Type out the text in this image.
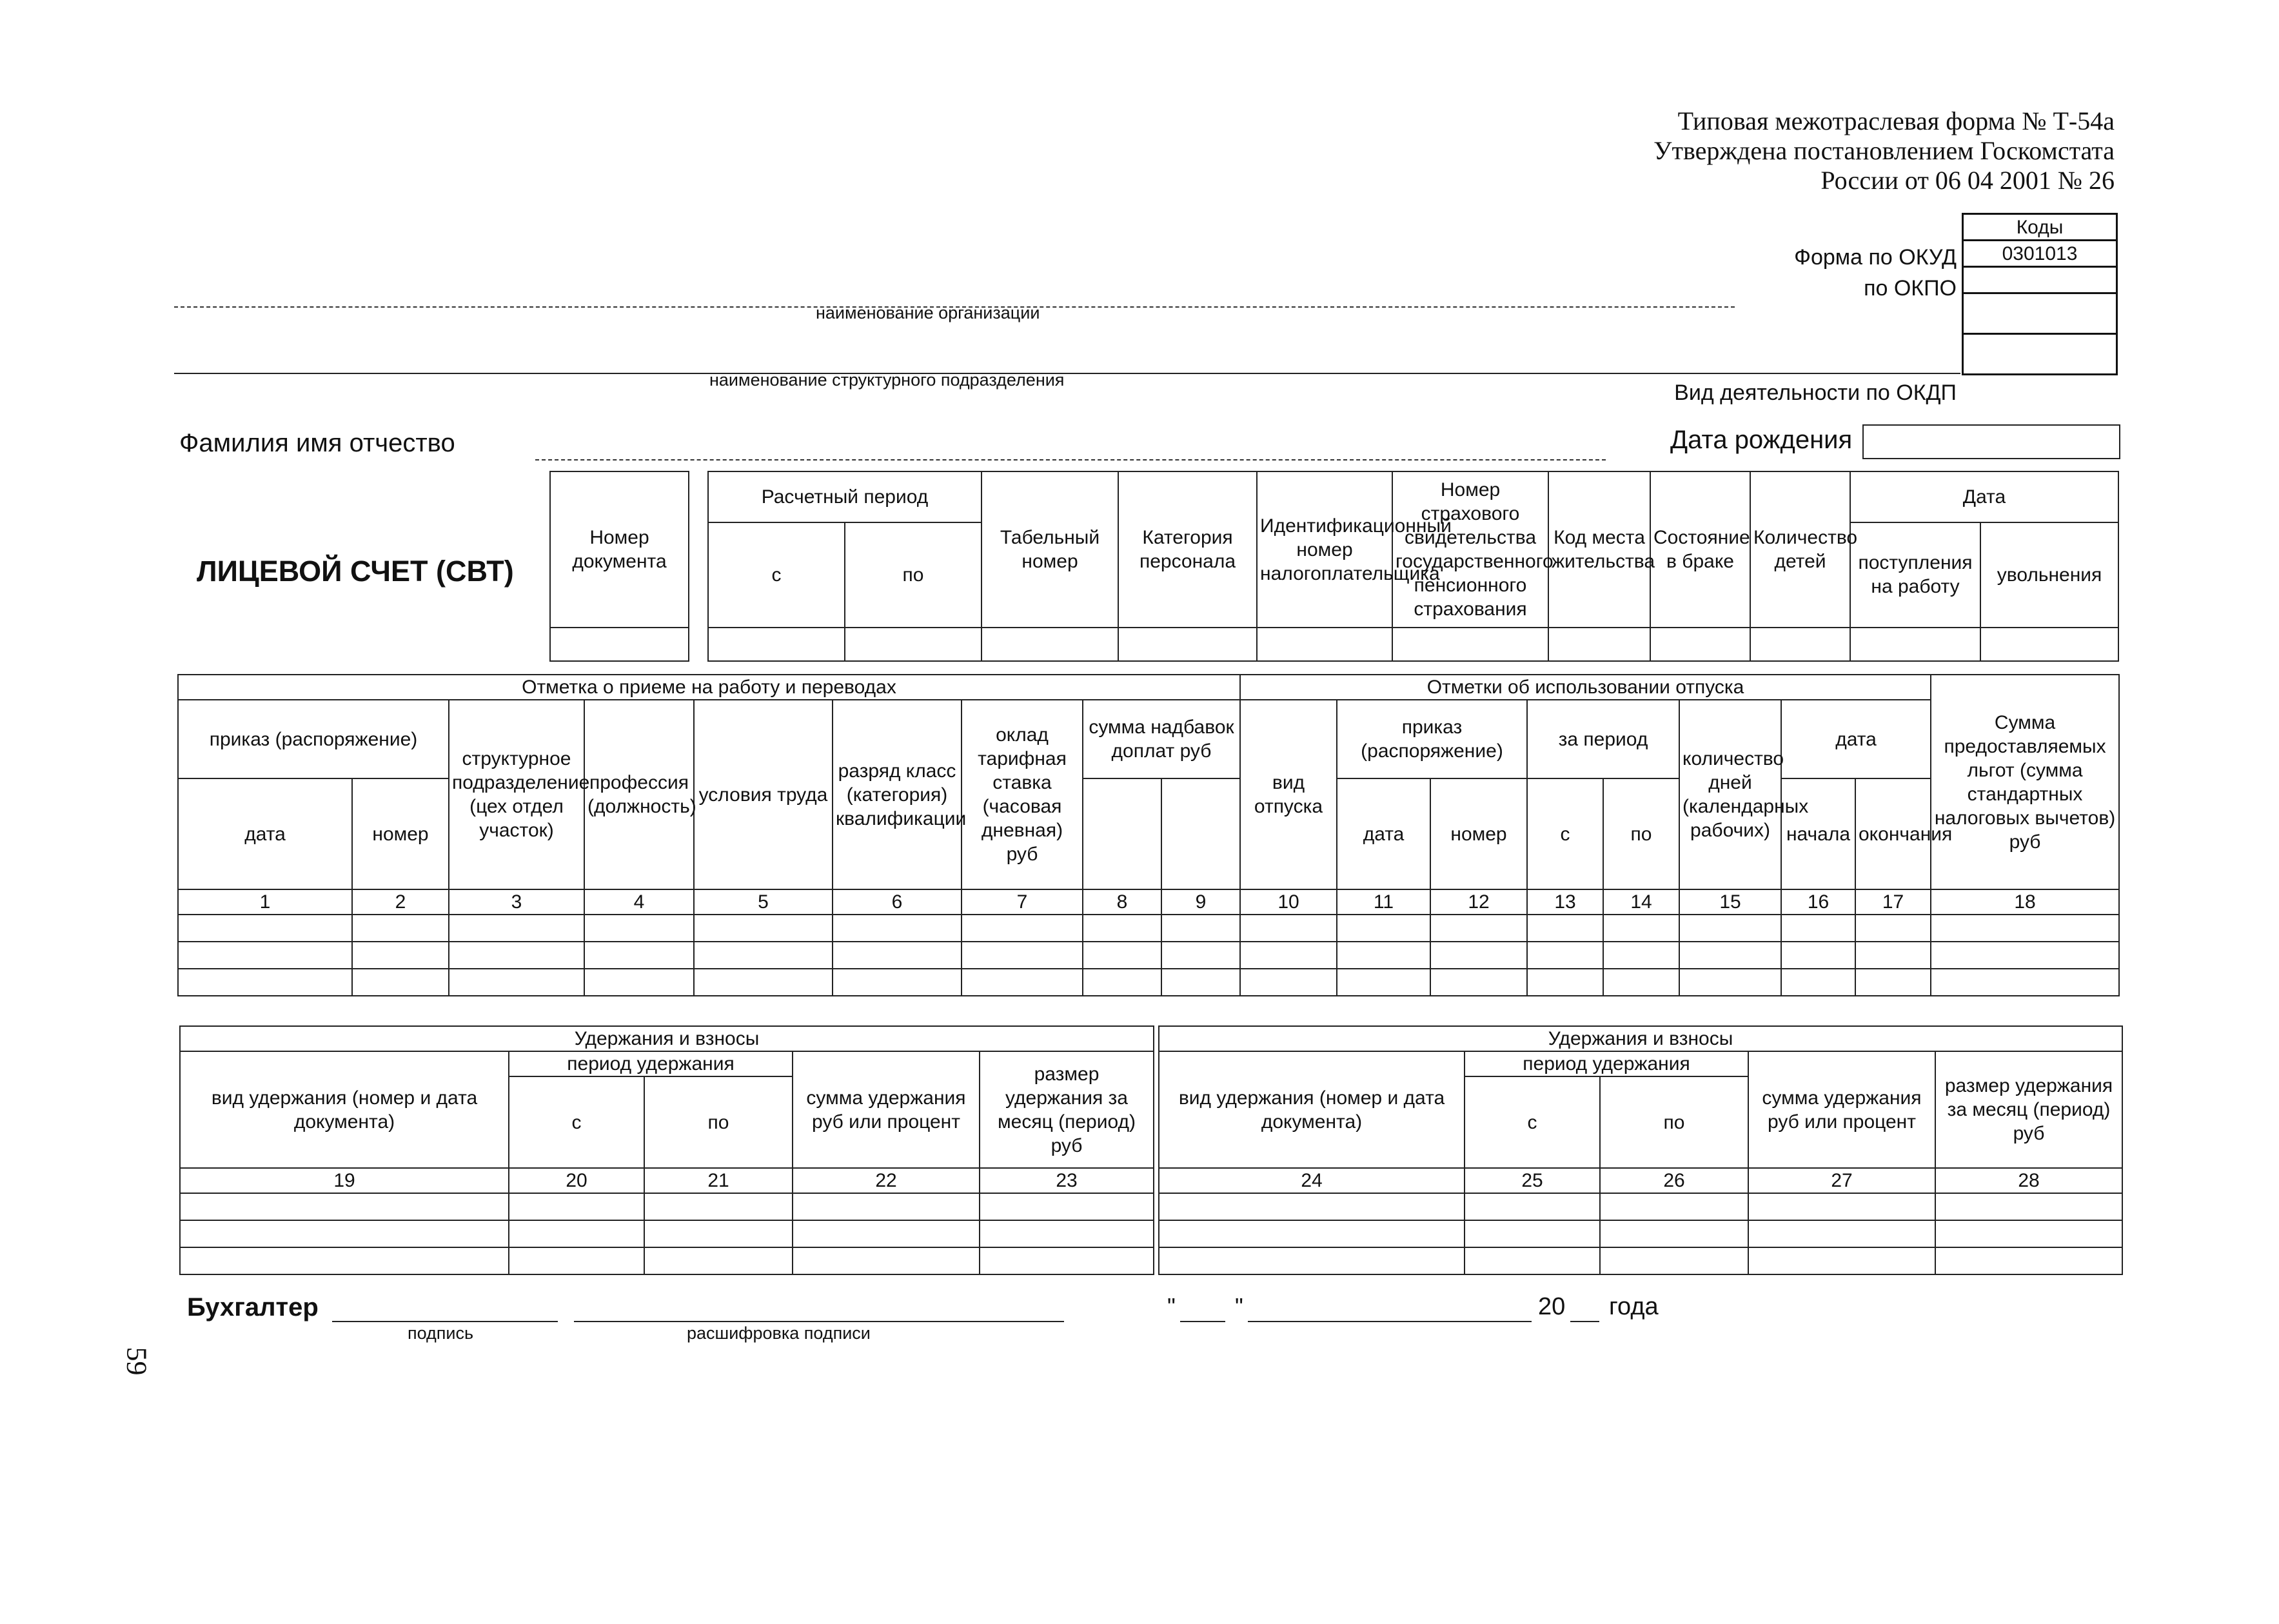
Типовая межотраслевая форма № Т-54а
Утверждена постановлением Госкомстата
России от 06 04 2001 № 26
Коды
0301013

Форма по ОКУД
по ОКПО
Вид деятельности по ОКДП
наименование организации
наименование структурного подразделения
Фамилия имя отчество	Дата рождения
ЛИЦЕВОЙ СЧЕТ (СВТ)
Номер документа		Расчетный период		Табельный номер	Категория персонала	Идентификационный номер налогоплательщика	Номер страхового свидетельства государственного пенсионного страхования	Код места жительства	Состояние в браке	Количество детей	Дата	
		с	по								поступления на работу	увольнения

Отметка о приеме на работу и переводах									Отметки об использовании отпуска								Сумма предоставляемых льгот (сумма стандартных налоговых вычетов) руб
приказ (распоряжение)		структурное подразделение (цех отдел участок)	профессия (должность)	условия труда	разряд класс (категория) квалификации	оклад тарифная ставка (часовая дневная) руб	сумма надбавок доплат руб		вид отпуска	приказ (распоряжение)		за период		количество дней (календарных рабочих)	дата		
дата	номер									дата	номер	с	по		начала	окончания	
1	2	3	4	5	6	7	8	9	10	11	12	13	14	15	16	17	18

Удержания и взносы				
вид удержания (номер и дата документа)	период удержания		сумма удержания руб или процент	размер удержания за месяц (период) руб
	с	по		
19	20	21	22	23

Удержания и взносы				
вид удержания (номер и дата документа)	период удержания		сумма удержания руб или процент	размер удержания за месяц (период) руб
	с	по		
24	25	26	27	28

Бухгалтер
подпись	расшифровка подписи
"	"	20 года
59
